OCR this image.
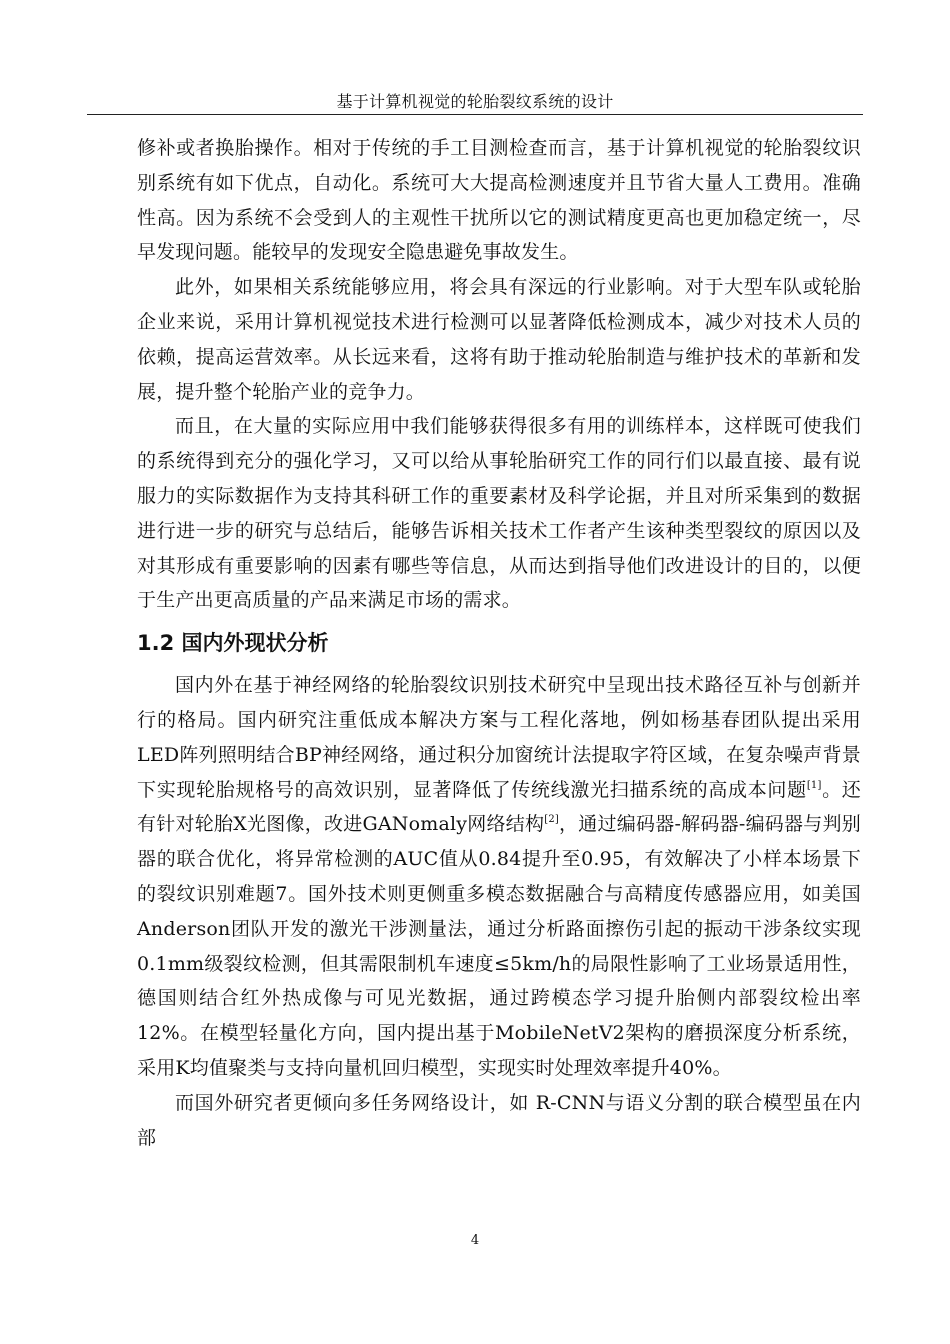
基于计算机视觉的轮胎裂纹系统的设计

修补或者换胎操作。相对于传统的手工目测检查而言，基于计算机视觉的轮胎裂纹识别系统有如下优点，自动化。系统可大大提高检测速度并且节省大量人工费用。准确性高。因为系统不会受到人的主观性干扰所以它的测试精度更高也更加稳定统一，尽早发现问题。能较早的发现安全隐患避免事故发生。

此外，如果相关系统能够应用，将会具有深远的行业影响。对于大型车队或轮胎企业来说，采用计算机视觉技术进行检测可以显著降低检测成本，减少对技术人员的依赖，提高运营效率。从长远来看，这将有助于推动轮胎制造与维护技术的革新和发展，提升整个轮胎产业的竞争力。

而且，在大量的实际应用中我们能够获得很多有用的训练样本，这样既可使我们的系统得到充分的强化学习，又可以给从事轮胎研究工作的同行们以最直接、最有说服力的实际数据作为支持其科研工作的重要素材及科学论据，并且对所采集到的数据进行进一步的研究与总结后，能够告诉相关技术工作者产生该种类型裂纹的原因以及对其形成有重要影响的因素有哪些等信息，从而达到指导他们改进设计的目的，以便于生产出更高质量的产品来满足市场的需求。

1.2 国内外现状分析

国内外在基于神经网络的轮胎裂纹识别技术研究中呈现出技术路径互补与创新并行的格局。国内研究注重低成本解决方案与工程化落地，例如杨基春团队提出采用LED阵列照明结合BP神经网络，通过积分加窗统计法提取字符区域，在复杂噪声背景下实现轮胎规格号的高效识别，显著降低了传统线激光扫描系统的高成本问题[1]。还有针对轮胎X光图像，改进GANomaly网络结构[2]，通过编码器-解码器-编码器与判别器的联合优化，将异常检测的AUC值从0.84提升至0.95，有效解决了小样本场景下的裂纹识别难题7。国外技术则更侧重多模态数据融合与高精度传感器应用，如美国Anderson团队开发的激光干涉测量法，通过分析路面擦伤引起的振动干涉条纹实现0.1mm级裂纹检测，但其需限制机车速度≤5km/h的局限性影响了工业场景适用性，德国则结合红外热成像与可见光数据，通过跨模态学习提升胎侧内部裂纹检出率12%。在模型轻量化方向，国内提出基于MobileNetV2架构的磨损深度分析系统，采用K均值聚类与支持向量机回归模型，实现实时处理效率提升40%。

而国外研究者更倾向多任务网络设计，如 R-CNN与语义分割的联合模型虽在内部

4
